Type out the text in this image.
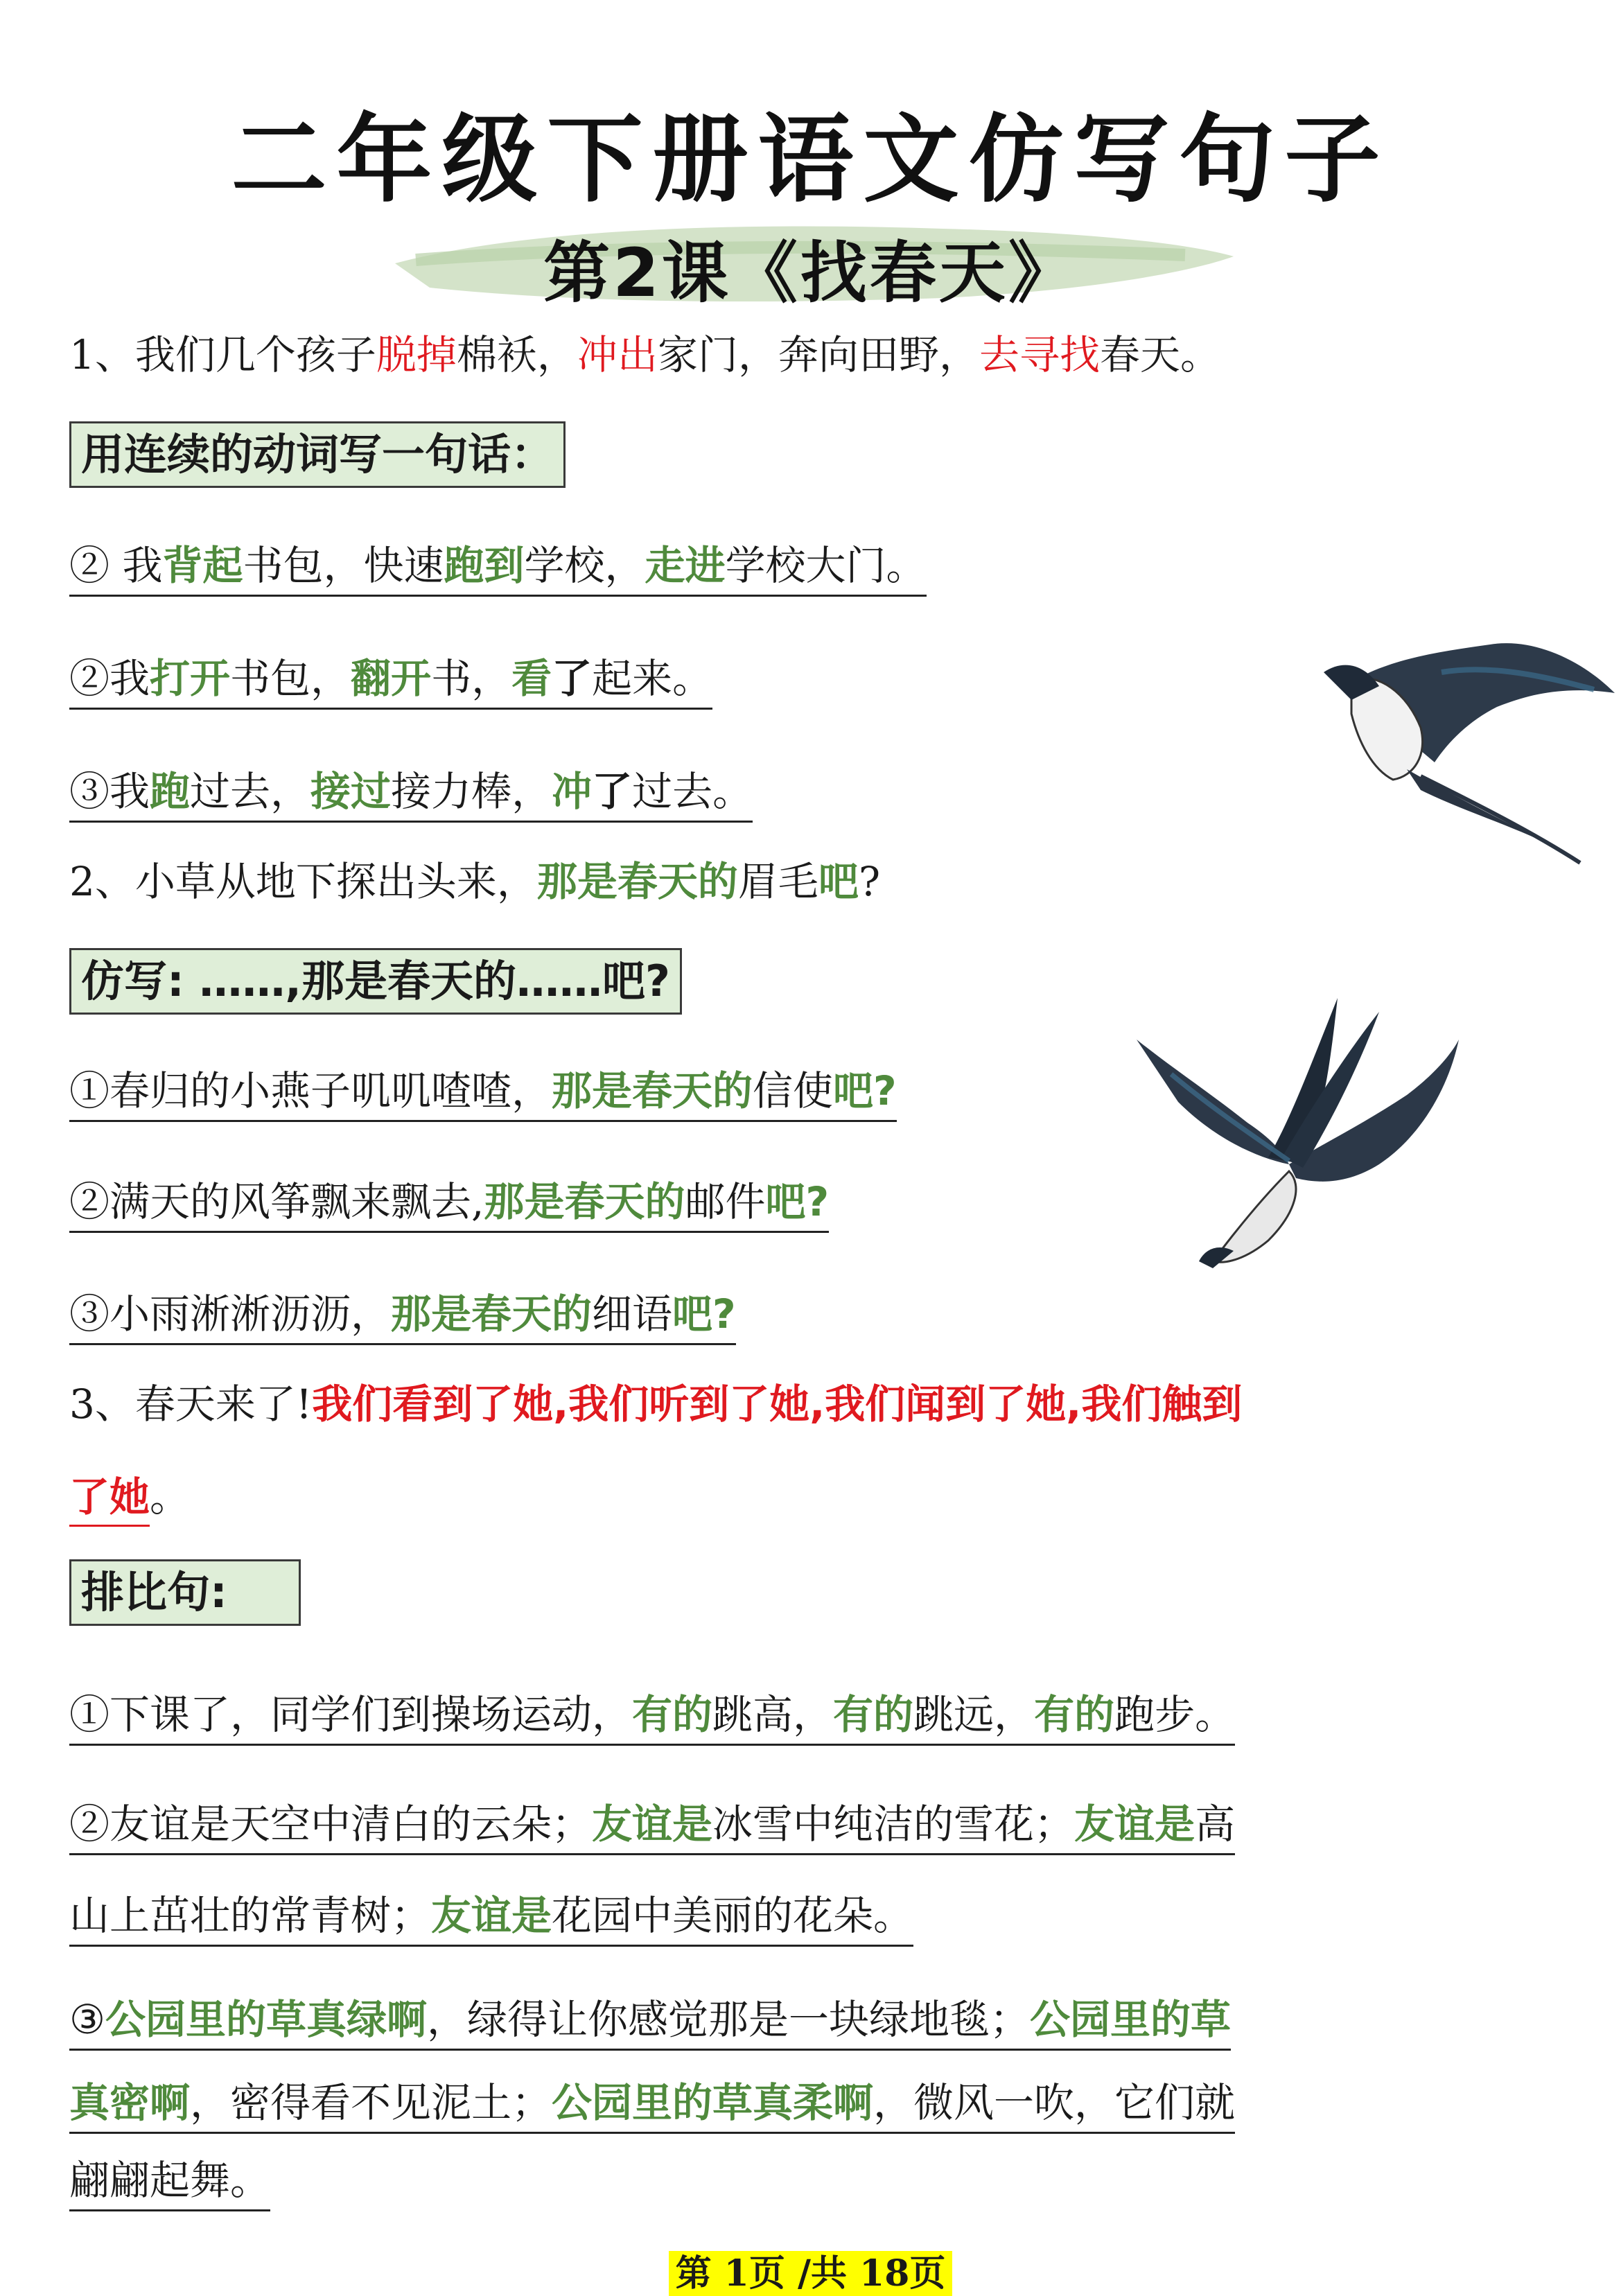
二年级下册语文仿写句子
第2课《找春天》
1、我们几个孩子脱掉棉袄，冲出家门，奔向田野，去寻找春天。
用连续的动词写一句话：
② 我背起书包，快速跑到学校，走进学校大门。
②我打开书包，翻开书，看了起来。
③我跑过去，接过接力棒，冲了过去。
2、小草从地下探出头来，那是春天的眉毛吧?
仿写: ……,那是春天的……吧?
①春归的小燕子叽叽喳喳，那是春天的信使吧?
②满天的风筝飘来飘去,那是春天的邮件吧?
③小雨淅淅沥沥，那是春天的细语吧?
3、春天来了!我们看到了她,我们听到了她,我们闻到了她,我们触到
了她。
排比句:
①下课了，同学们到操场运动，有的跳高，有的跳远，有的跑步。
②友谊是天空中清白的云朵；友谊是冰雪中纯洁的雪花；友谊是高
山上茁壮的常青树；友谊是花园中美丽的花朵。
③公园里的草真绿啊，绿得让你感觉那是一块绿地毯；公园里的草
真密啊，密得看不见泥土；公园里的草真柔啊，微风一吹，它们就
翩翩起舞。
第 1页 /共 18页
